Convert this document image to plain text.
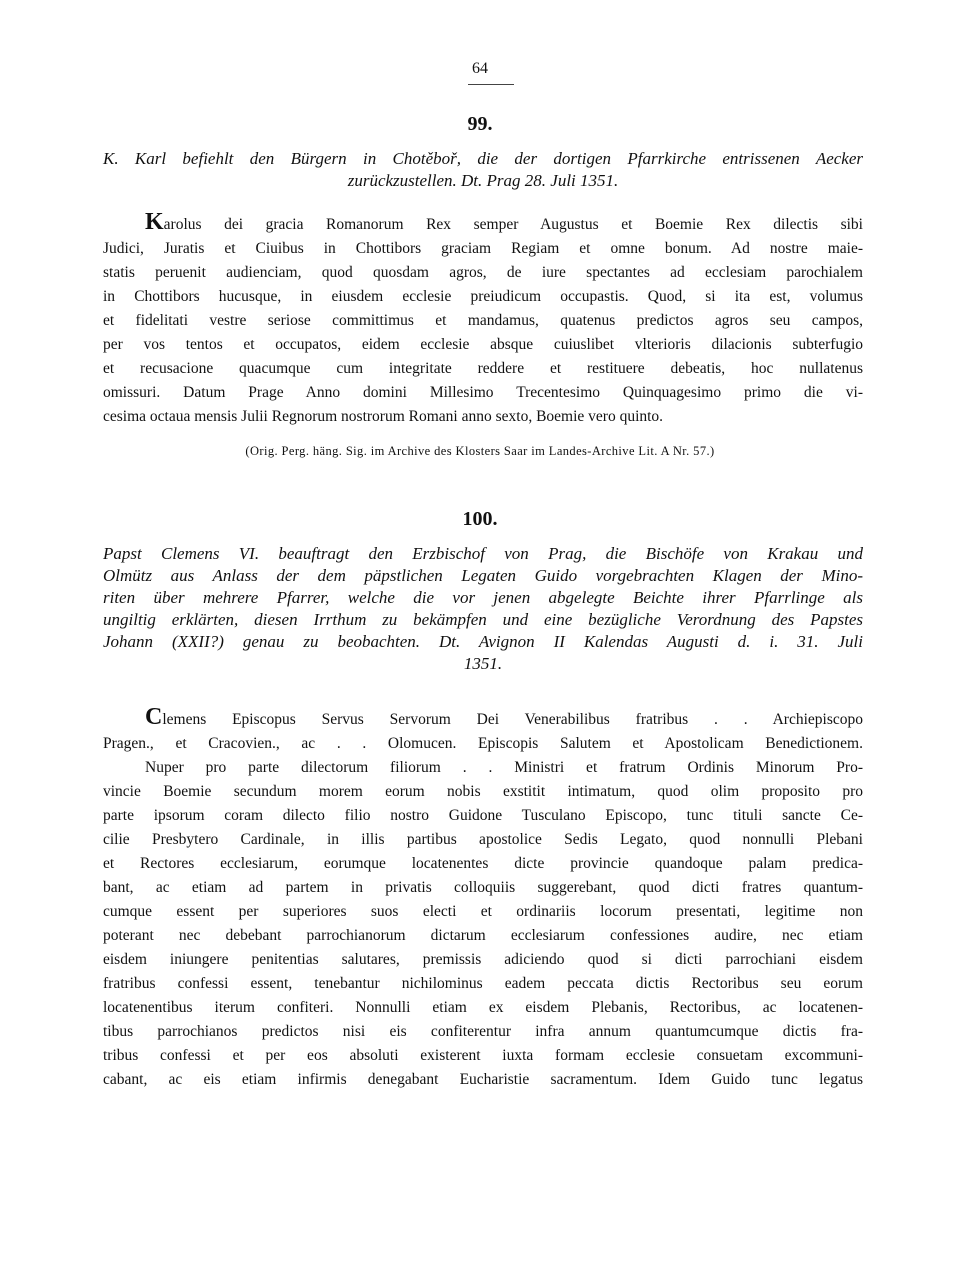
64
99.
K. Karl befiehlt den Bürgern in Chotěboř, die der dortigen Pfarrkirche entrissenen Aecker
zurückzustellen. Dt. Prag 28. Juli 1351.
Karolus dei gracia Romanorum Rex semper Augustus et Boemie Rex dilectis sibi
Judici, Juratis et Ciuibus in Chottibors graciam Regiam et omne bonum. Ad nostre maie-
statis peruenit audienciam, quod quosdam agros, de iure spectantes ad ecclesiam parochialem
in Chottibors hucusque, in eiusdem ecclesie preiudicum occupastis. Quod, si ita est, volumus
et fidelitati vestre seriose committimus et mandamus, quatenus predictos agros seu campos,
per vos tentos et occupatos, eidem ecclesie absque cuiuslibet vlterioris dilacionis subterfugio
et recusacione quacumque cum integritate reddere et restituere debeatis, hoc nullatenus
omissuri. Datum Prage Anno domini Millesimo Trecentesimo Quinquagesimo primo die vi-
cesima octaua mensis Julii Regnorum nostrorum Romani anno sexto, Boemie vero quinto.
(Orig. Perg. häng. Sig. im Archive des Klosters Saar im Landes-Archive Lit. A Nr. 57.)
100.
Papst Clemens VI. beauftragt den Erzbischof von Prag, die Bischöfe von Krakau und
Olmütz aus Anlass der dem päpstlichen Legaten Guido vorgebrachten Klagen der Mino-
riten über mehrere Pfarrer, welche die vor jenen abgelegte Beichte ihrer Pfarrlinge als
ungiltig erklärten, diesen Irrthum zu bekämpfen und eine bezügliche Verordnung des Papstes
Johann (XXII?) genau zu beobachten. Dt. Avignon II Kalendas Augusti d. i. 31. Juli
1351.
Clemens Episcopus Servus Servorum Dei Venerabilibus fratribus . . Archiepiscopo
Pragen., et Cracovien., ac . . Olomucen. Episcopis Salutem et Apostolicam Benedictionem.
Nuper pro parte dilectorum filiorum . . Ministri et fratrum Ordinis Minorum Pro-
vincie Boemie secundum morem eorum nobis exstitit intimatum, quod olim proposito pro
parte ipsorum coram dilecto filio nostro Guidone Tusculano Episcopo, tunc tituli sancte Ce-
cilie Presbytero Cardinale, in illis partibus apostolice Sedis Legato, quod nonnulli Plebani
et Rectores ecclesiarum, eorumque locatenentes dicte provincie quandoque palam predica-
bant, ac etiam ad partem in privatis colloquiis suggerebant, quod dicti fratres quantum-
cumque essent per superiores suos electi et ordinariis locorum presentati, legitime non
poterant nec debebant parrochianorum dictarum ecclesiarum confessiones audire, nec etiam
eisdem iniungere penitentias salutares, premissis adiciendo quod si dicti parrochiani eisdem
fratribus confessi essent, tenebantur nichilominus eadem peccata dictis Rectoribus seu eorum
locatenentibus iterum confiteri. Nonnulli etiam ex eisdem Plebanis, Rectoribus, ac locatenen-
tibus parrochianos predictos nisi eis confiterentur infra annum quantumcumque dictis fra-
tribus confessi et per eos absoluti existerent iuxta formam ecclesie consuetam excommuni-
cabant, ac eis etiam infirmis denegabant Eucharistie sacramentum. Idem Guido tunc legatus
